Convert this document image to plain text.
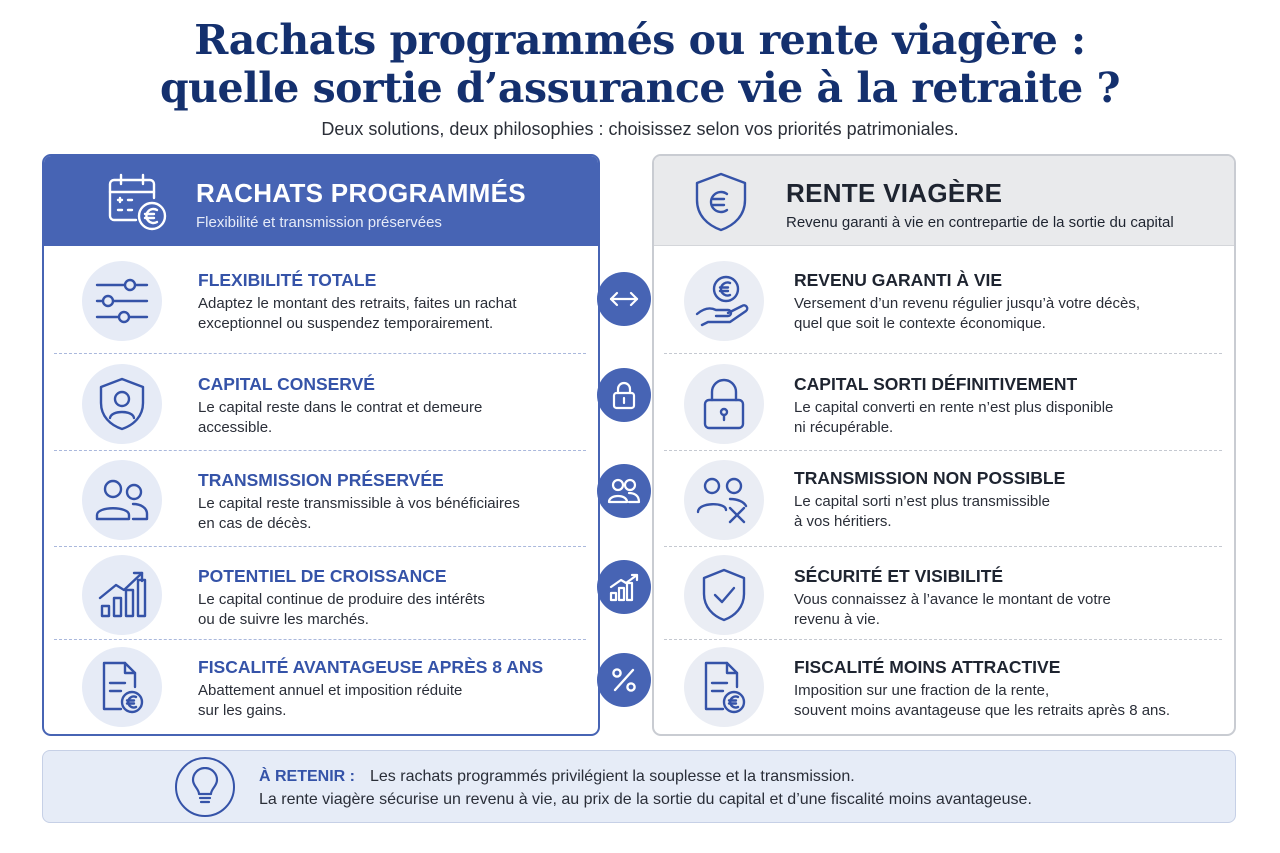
Rachats programmés ou rente viagère :
quelle sortie d’assurance vie à la retraite ?
Deux solutions, deux philosophies : choisissez selon vos priorités patrimoniales.
RACHATS PROGRAMMÉS
Flexibilité et transmission préservées
FLEXIBILITÉ TOTALE
Adaptez le montant des retraits, faites un rachat
exceptionnel ou suspendez temporairement.
CAPITAL CONSERVÉ
Le capital reste dans le contrat et demeure
accessible.
TRANSMISSION PRÉSERVÉE
Le capital reste transmissible à vos bénéficiaires
en cas de décès.
POTENTIEL DE CROISSANCE
Le capital continue de produire des intérêts
ou de suivre les marchés.
FISCALITÉ AVANTAGEUSE APRÈS 8 ANS
Abattement annuel et imposition réduite
sur les gains.
RENTE VIAGÈRE
Revenu garanti à vie en contrepartie de la sortie du capital
REVENU GARANTI À VIE
Versement d’un revenu régulier jusqu’à votre décès,
quel que soit le contexte économique.
CAPITAL SORTI DÉFINITIVEMENT
Le capital converti en rente n’est plus disponible
ni récupérable.
TRANSMISSION NON POSSIBLE
Le capital sorti n’est plus transmissible
à vos héritiers.
SÉCURITÉ ET VISIBILITÉ
Vous connaissez à l’avance le montant de votre
revenu à vie.
FISCALITÉ MOINS ATTRACTIVE
Imposition sur une fraction de la rente,
souvent moins avantageuse que les retraits après 8 ans.
À RETENIR : Les rachats programmés privilégient la souplesse et la transmission.
La rente viagère sécurise un revenu à vie, au prix de la sortie du capital et d’une fiscalité moins avantageuse.
